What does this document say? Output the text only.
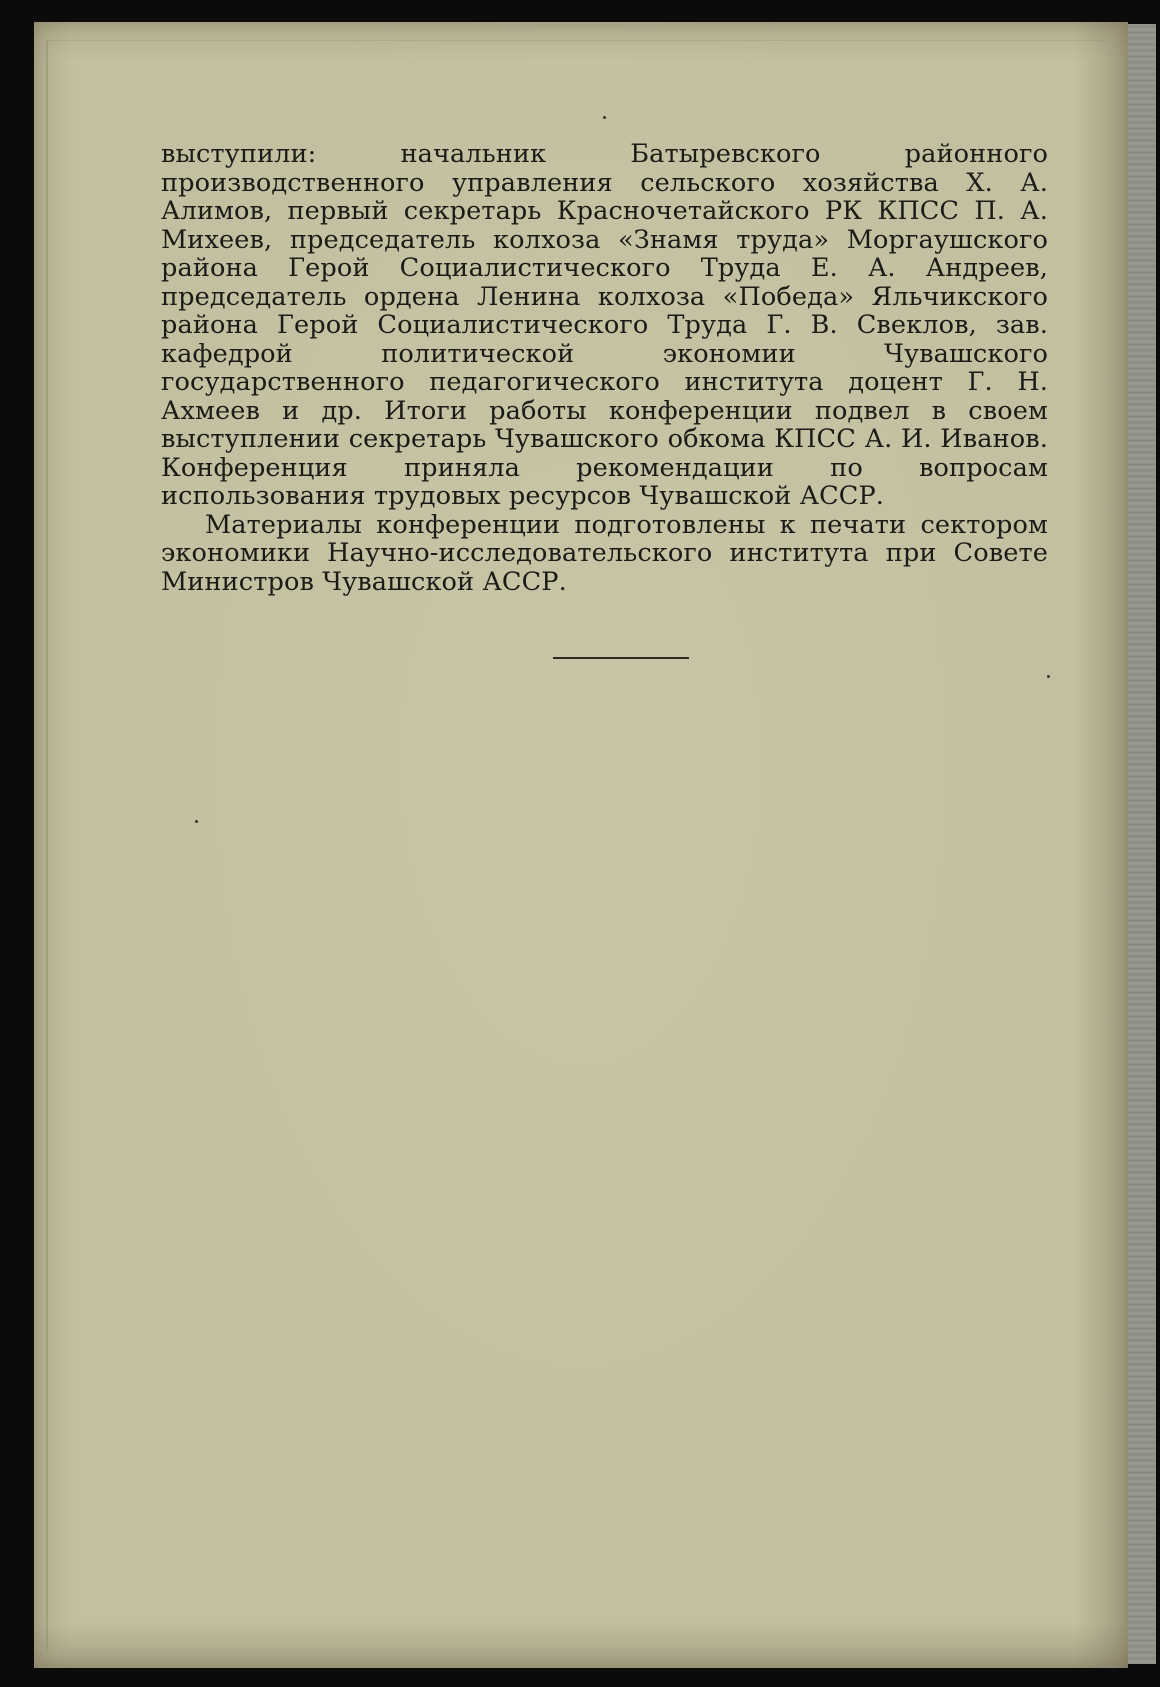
выступили: начальник Батыревского районного производственного управления сельского хозяйства Х. А. Алимов, первый секретарь Красночетайского РК КПСС П. А. Михеев, председатель колхоза «Знамя труда» Моргаушского района Герой Социалистического Труда Е. А. Андреев, председатель ордена Ленина колхоза «Победа» Яльчикского района Герой Социалистического Труда Г. В. Свеклов, зав. кафедрой политической экономии Чувашского государственного педагогического института доцент Г. Н. Ахмеев и др. Итоги работы конференции подвел в своем выступлении секретарь Чувашского обкома КПСС А. И. Иванов. Конференция приняла рекомендации по вопросам использования трудовых ресурсов Чувашской АССР.

Материалы конференции подготовлены к печати сектором экономики Научно-исследовательского института при Совете Министров Чувашской АССР.
